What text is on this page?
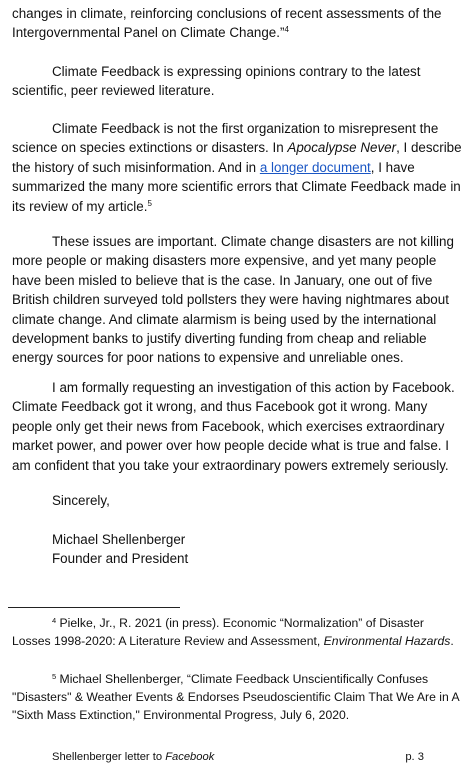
changes in climate, reinforcing conclusions of recent assessments of the

Intergovernmental Panel on Climate Change.”$^4$

Climate Feedback is expressing opinions contrary to the latest scientific, peer reviewed literature.

Climate Feedback is not the first organization to misrepresent the science on species extinctions or disasters. In Apocalypse Never, I describe the history of such misinformation. And in a longer document, I have summarized the many more scientific errors that Climate Feedback made in its review of my article.$^5$

These issues are important. Climate change disasters are not killing more people or making disasters more expensive, and yet many people have been misled to believe that is the case. In January, one out of five British children surveyed told pollsters they were having nightmares about climate change. And climate alarmism is being used by the international development banks to justify diverting funding from cheap and reliable energy sources for poor nations to expensive and unreliable ones.

I am formally requesting an investigation of this action by Facebook. Climate Feedback got it wrong, and thus Facebook got it wrong. Many people only get their news from Facebook, which exercises extraordinary market power, and power over how people decide what is true and false. I am confident that you take your extraordinary powers extremely seriously.

Sincerely,

Michael Shellenberger

Founder and President

$^4$ Pielke, Jr., R. 2021 (in press). Economic “Normalization” of Disaster Losses 1998-2020: A Literature Review and Assessment, Environmental Hazards.

$^5$ Michael Shellenberger, “Climate Feedback Unscientifically Confuses "Disasters" & Weather Events & Endorses Pseudoscientific Claim That We Are in A "Sixth Mass Extinction," Environmental Progress, July 6, 2020.

Shellenberger letter to Facebook	p. 3
